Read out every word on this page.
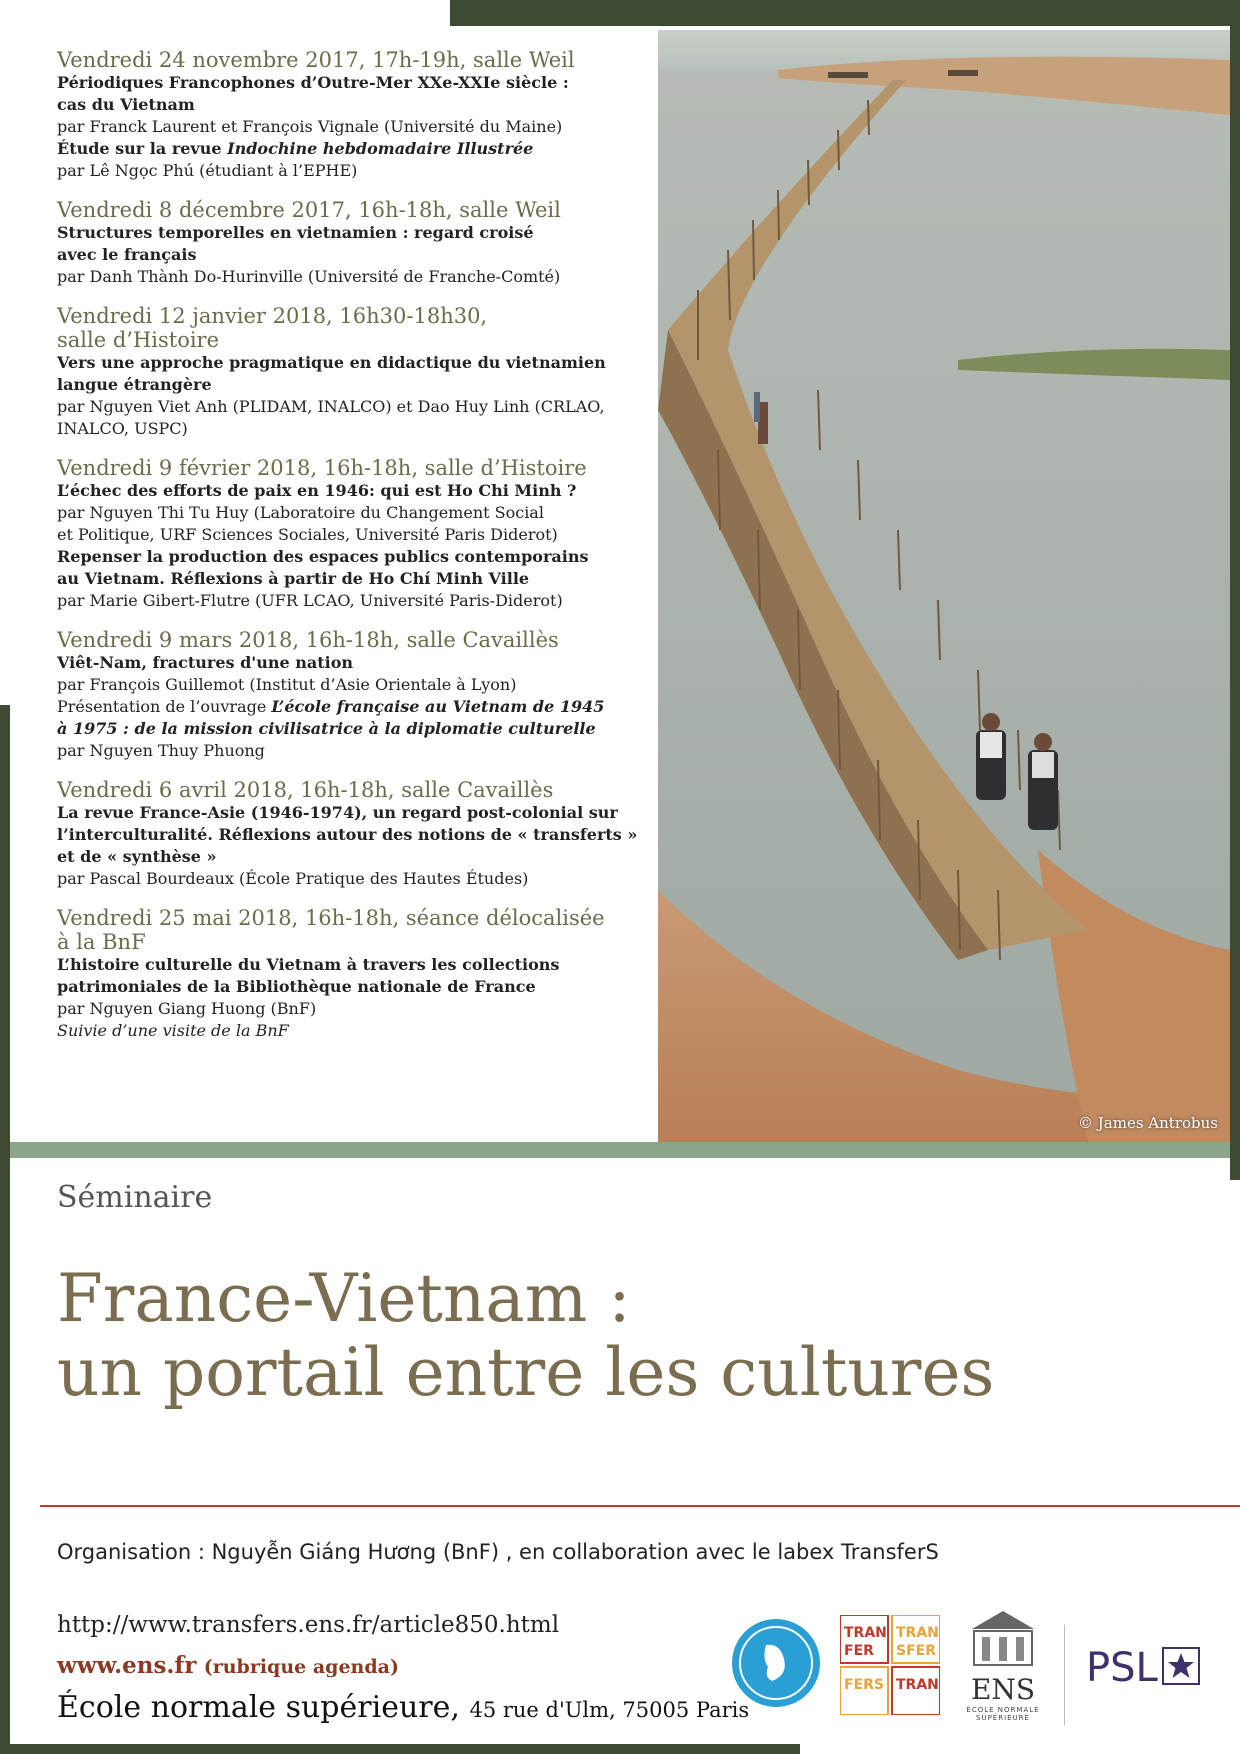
© James Antrobus
Vendredi 24 novembre 2017, 17h-19h, salle Weil
Périodiques Francophones d’Outre-Mer XXe-XXIe siècle :
cas du Vietnam
par Franck Laurent et François Vignale (Université du Maine)
Étude sur la revue Indochine hebdomadaire Illustrée
par Lê Ngọc Phú (étudiant à l’EPHE)
Vendredi 8 décembre 2017, 16h-18h, salle Weil
Structures temporelles en vietnamien : regard croisé
avec le français
par Danh Thành Do-Hurinville (Université de Franche-Comté)
Vendredi 12 janvier 2018, 16h30-18h30,
salle d’Histoire
Vers une approche pragmatique en didactique du vietnamien
langue étrangère
par Nguyen Viet Anh (PLIDAM, INALCO) et Dao Huy Linh (CRLAO,
INALCO, USPC)
Vendredi 9 février 2018, 16h-18h, salle d’Histoire
L’échec des efforts de paix en 1946: qui est Ho Chi Minh ?
par Nguyen Thi Tu Huy (Laboratoire du Changement Social
et Politique, URF Sciences Sociales, Université Paris Diderot)
Repenser la production des espaces publics contemporains
au Vietnam. Réflexions à partir de Ho Chí Minh Ville
par Marie Gibert-Flutre (UFR LCAO, Université Paris-Diderot)
Vendredi 9 mars 2018, 16h-18h, salle Cavaillès
Viêt-Nam, fractures d'une nation
par François Guillemot (Institut d’Asie Orientale à Lyon)
Présentation de l’ouvrage L’école française au Vietnam de 1945
à 1975 : de la mission civilisatrice à la diplomatie culturelle
par Nguyen Thuy Phuong
Vendredi 6 avril 2018, 16h-18h, salle Cavaillès
La revue France-Asie (1946-1974), un regard post-colonial sur
l’interculturalité. Réflexions autour des notions de « transferts »
et de « synthèse »
par Pascal Bourdeaux (École Pratique des Hautes Études)
Vendredi 25 mai 2018, 16h-18h, séance délocalisée
à la BnF
L’histoire culturelle du Vietnam à travers les collections
patrimoniales de la Bibliothèque nationale de France
par Nguyen Giang Huong (BnF)
Suivie d’une visite de la BnF
Séminaire
France-Vietnam :
un portail entre les cultures
Organisation : Nguyễn Giáng Hương (BnF) , en collaboration avec le labex TransferS
http://www.transfers.ens.fr/article850.html
www.ens.fr (rubrique agenda)
École normale supérieure, 45 rue d'Ulm, 75005 Paris
TRAN
FER
TRAN
SFER
FERS TRAN	ENS
ÉCOLE NORMALE SUPÉRIEURE
PSL
